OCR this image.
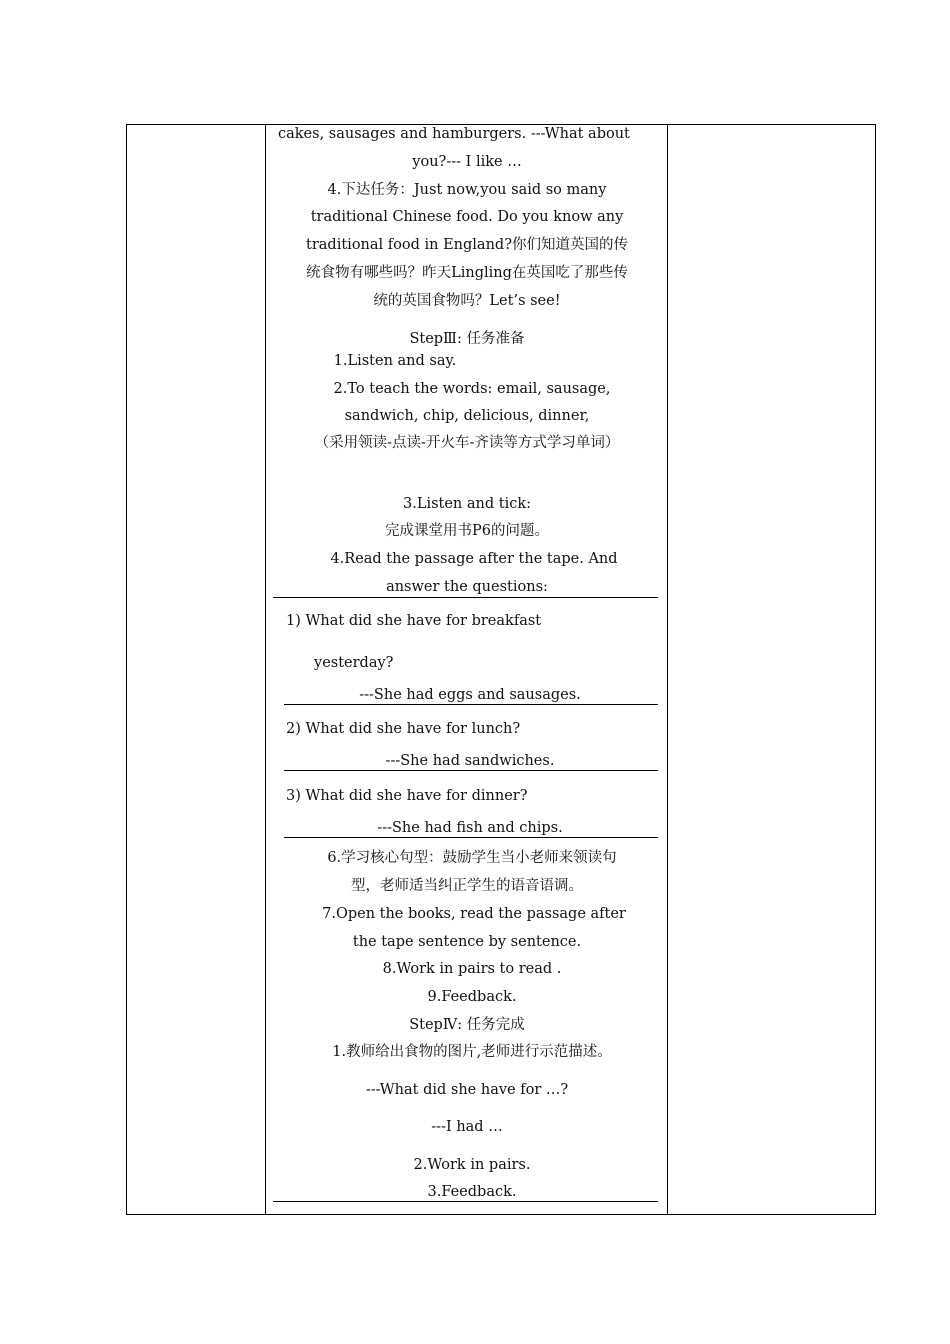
cakes, sausages and hamburgers. ---What about
you?--- I like …
4.下达任务：Just now,you said so many
traditional Chinese food. Do you know any
traditional food in England?你们知道英国的传
统食物有哪些吗？昨天Lingling在英国吃了那些传
统的英国食物吗？Let’s see!
StepⅢ: 任务准备
1.Listen and say.
2.To teach the words: email, sausage,
sandwich, chip, delicious, dinner,
（采用领读-点读-开火车-齐读等方式学习单词）
3.Listen and tick:
完成课堂用书P6的问题。
4.Read the passage after the tape. And
answer the questions:
1) What did she have for breakfast
yesterday?
---She had eggs and sausages.
2) What did she have for lunch?
---She had sandwiches.
3) What did she have for dinner?
---She had fish and chips.
6.学习核心句型：鼓励学生当小老师来领读句
型，老师适当纠正学生的语音语调。
7.Open the books, read the passage after
the tape sentence by sentence.
8.Work in pairs to read .
9.Feedback.
StepⅣ: 任务完成
1.教师给出食物的图片,老师进行示范描述。
---What did she have for …?
---I had …
2.Work in pairs.
3.Feedback.
